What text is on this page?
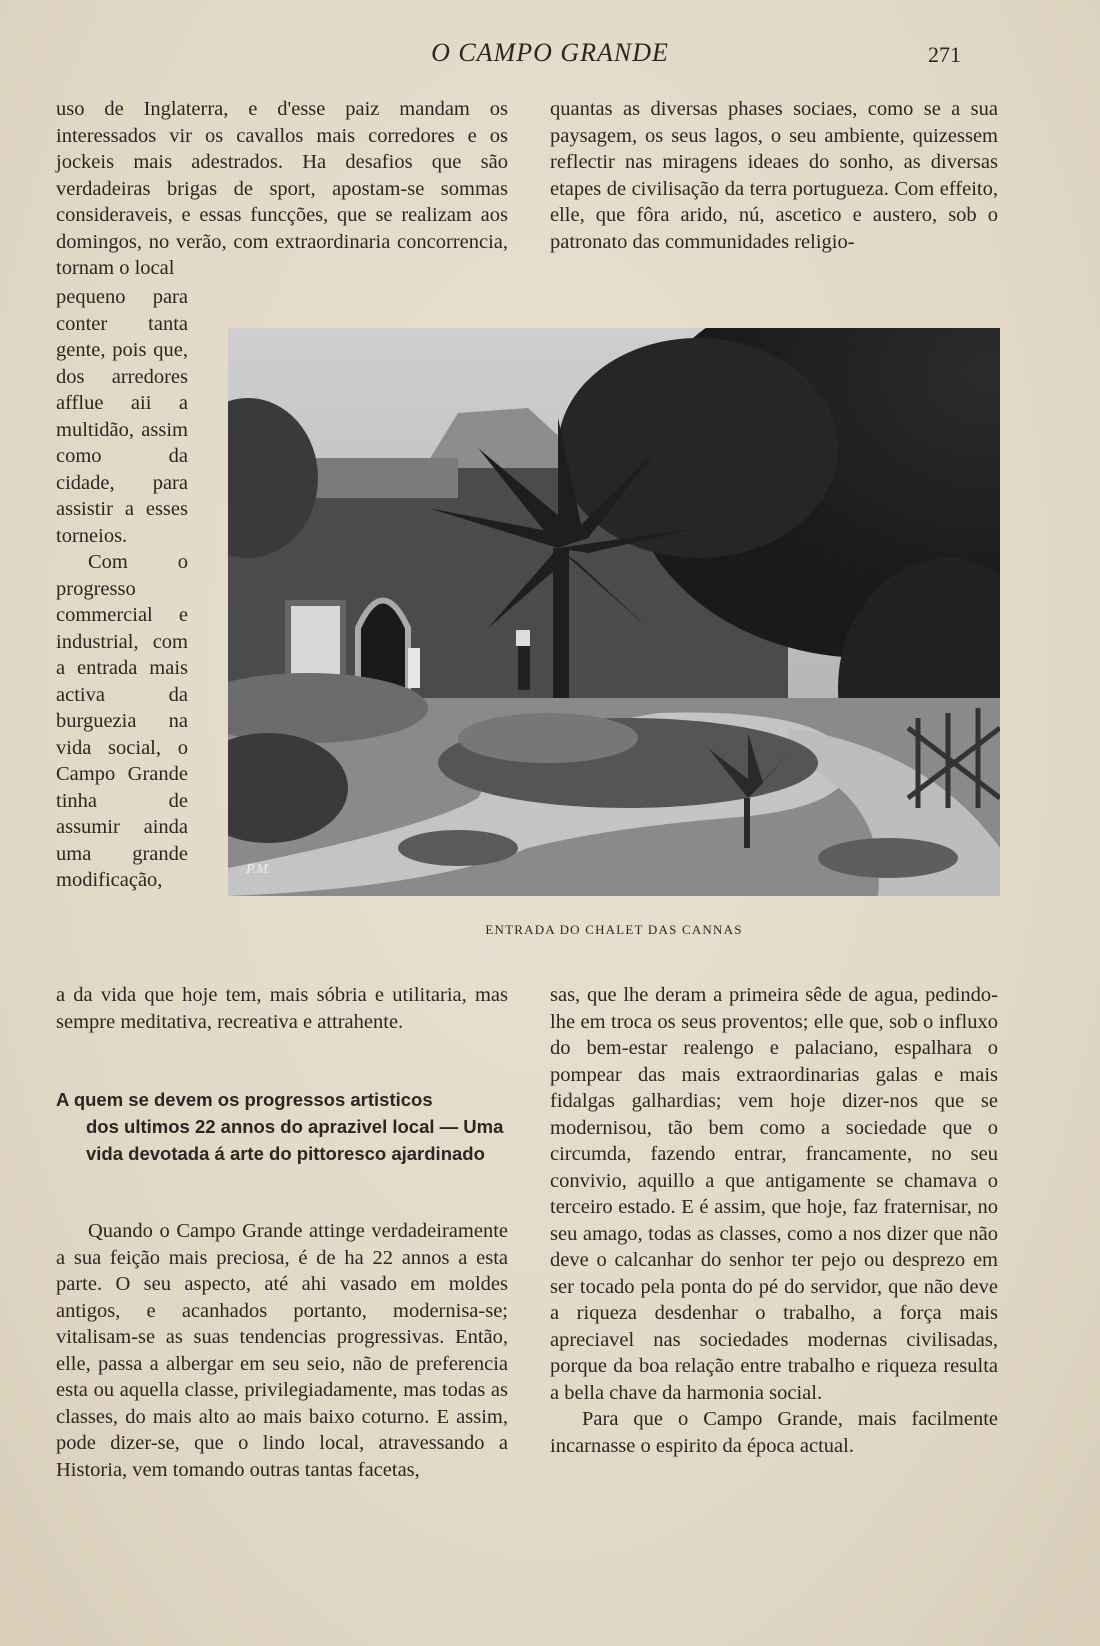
O CAMPO GRANDE	271

uso de Inglaterra, e d'esse paiz mandam os interessados vir os cavallos mais corredores e os jockeis mais adestrados. Ha desafios que são verdadeiras brigas de sport, apostam-se sommas consideraveis, e essas funcções, que se realizam aos domingos, no verão, com extraordinaria concorrencia, tornam o local

pequeno para conter tanta gente, pois que, dos arredores afflue aii a multidão, assim como da cidade, para assistir a esses torneios.

Com o progresso commercial e industrial, com a entrada mais activa da burguezia na vida social, o Campo Grande tinha de assumir ainda uma grande modificação,

quantas as diversas phases sociaes, como se a sua paysagem, os seus lagos, o seu ambiente, quizessem reflectir nas miragens ideaes do sonho, as diversas etapes de civilisação da terra portugueza. Com effeito, elle, que fôra arido, nú, ascetico e austero, sob o patronato das communidades religio-

P.M.
ENTRADA DO CHALET DAS CANNAS

a da vida que hoje tem, mais sóbria e utilitaria, mas sempre meditativa, recreativa e attrahente.

A quem se devem os progressos artisticos
dos ultimos 22 annos do aprazivel local — Uma vida devotada á arte do pittoresco ajardinado

Quando o Campo Grande attinge verdadeiramente a sua feição mais preciosa, é de ha 22 annos a esta parte. O seu aspecto, até ahi vasado em moldes antigos, e acanhados portanto, modernisa-se; vitalisam-se as suas tendencias progressivas. Então, elle, passa a albergar em seu seio, não de preferencia esta ou aquella classe, privilegiadamente, mas todas as classes, do mais alto ao mais baixo coturno. E assim, pode dizer-se, que o lindo local, atravessando a Historia, vem tomando outras tantas facetas,

sas, que lhe deram a primeira sêde de agua, pedindo-lhe em troca os seus proventos; elle que, sob o influxo do bem-estar realengo e palaciano, espalhara o pompear das mais extraordinarias galas e mais fidalgas galhardias; vem hoje dizer-nos que se modernisou, tão bem como a sociedade que o circumda, fazendo entrar, francamente, no seu convivio, aquillo a que antigamente se chamava o terceiro estado. E é assim, que hoje, faz fraternisar, no seu amago, todas as classes, como a nos dizer que não deve o calcanhar do senhor ter pejo ou desprezo em ser tocado pela ponta do pé do servidor, que não deve a riqueza desdenhar o trabalho, a força mais apreciavel nas sociedades modernas civilisadas, porque da boa relação entre trabalho e riqueza resulta a bella chave da harmonia social.

Para que o Campo Grande, mais facilmente incarnasse o espirito da época actual.
